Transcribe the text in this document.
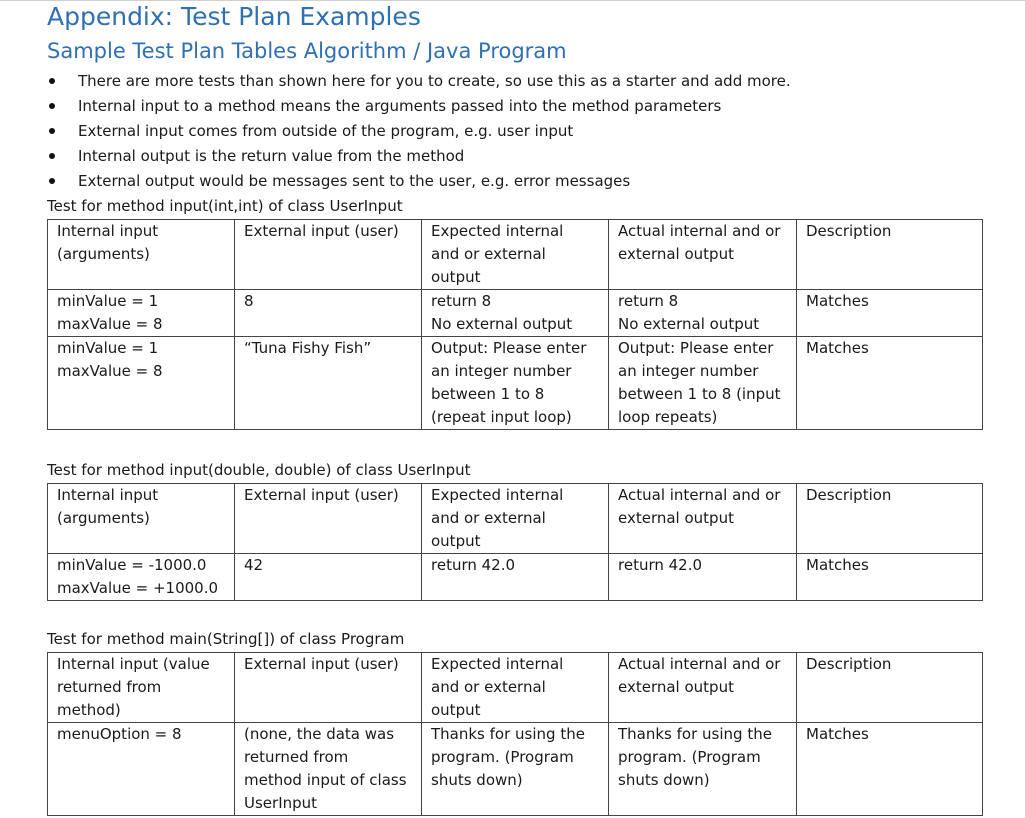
Appendix: Test Plan Examples
Sample Test Plan Tables Algorithm / Java Program
There are more tests than shown here for you to create, so use this as a starter and add more.
Internal input to a method means the arguments passed into the method parameters
External input comes from outside of the program, e.g. user input
Internal output is the return value from the method
External output would be messages sent to the user, e.g. error messages
Test for method input(int,int) of class UserInput
Internal input
(arguments)	External input (user)	Expected internal
and or external
output	Actual internal and or
external output	Description

minValue = 1
maxValue = 8	8	return 8
No external output	return 8
No external output	Matches

minValue = 1
maxValue = 8	“Tuna Fishy Fish”	Output: Please enter
an integer number
between 1 to 8
(repeat input loop)	Output: Please enter
an integer number
between 1 to 8 (input
loop repeats)	Matches
Test for method input(double, double) of class UserInput
Internal input
(arguments)	External input (user)	Expected internal
and or external
output	Actual internal and or
external output	Description

minValue = -1000.0
maxValue = +1000.0	42	return 42.0	return 42.0	Matches
Test for method main(String[]) of class Program
Internal input (value
returned from
method)	External input (user)	Expected internal
and or external
output	Actual internal and or
external output	Description

menuOption = 8	(none, the data was
returned from
method input of class
UserInput	Thanks for using the
program. (Program
shuts down)	Thanks for using the
program. (Program
shuts down)	Matches
